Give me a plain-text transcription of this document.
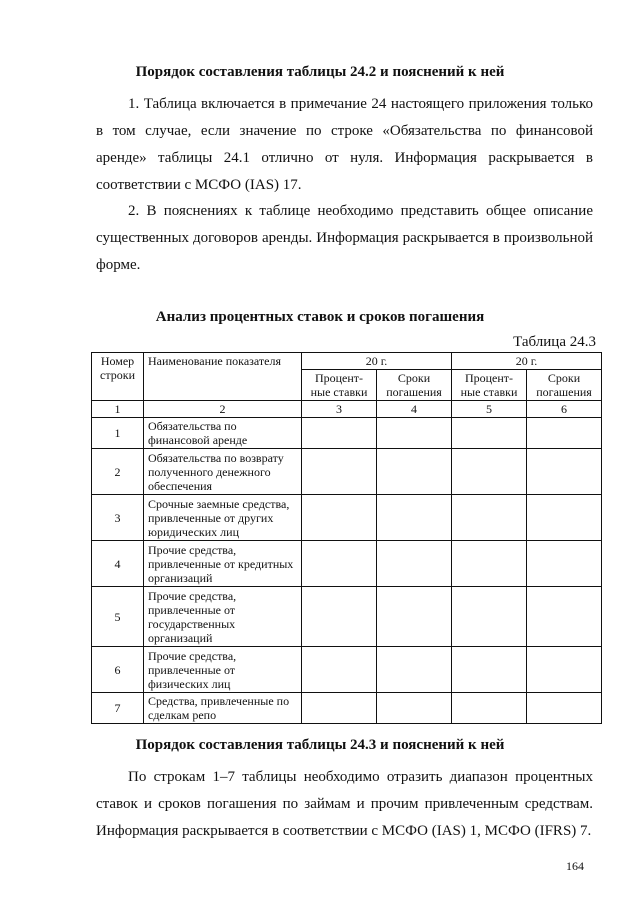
Порядок составления таблицы 24.2 и пояснений к ней

1. Таблица включается в примечание 24 настоящего приложения только в том случае, если значение по строке «Обязательства по финансовой аренде» таблицы 24.1 отлично от нуля. Информация раскрывается в соответствии с МСФО (IAS) 17.

2. В пояснениях к таблице необходимо представить общее описание существенных договоров аренды. Информация раскрывается в произвольной форме.

Анализ процентных ставок и сроков погашения
Таблица 24.3
Номер строки	Наименование показателя	20 г.		20 г.	
		Процент-ные ставки	Сроки погашения	Процент-ные ставки	Сроки погашения
1	2	3	4	5	6
1	Обязательства по финансовой аренде				
2	Обязательства по возврату полученного денежного обеспечения				
3	Срочные заемные средства, привлеченные от других юридических лиц				
4	Прочие средства, привлеченные от кредитных организаций				
5	Прочие средства, привлеченные от государственных организаций				
6	Прочие средства, привлеченные от физических лиц				
7	Средства, привлеченные по сделкам репо				
Порядок составления таблицы 24.3 и пояснений к ней

По строкам 1–7 таблицы необходимо отразить диапазон процентных ставок и сроков погашения по займам и прочим привлеченным средствам. Информация раскрывается в соответствии с МСФО (IAS) 1, МСФО (IFRS) 7.

164
